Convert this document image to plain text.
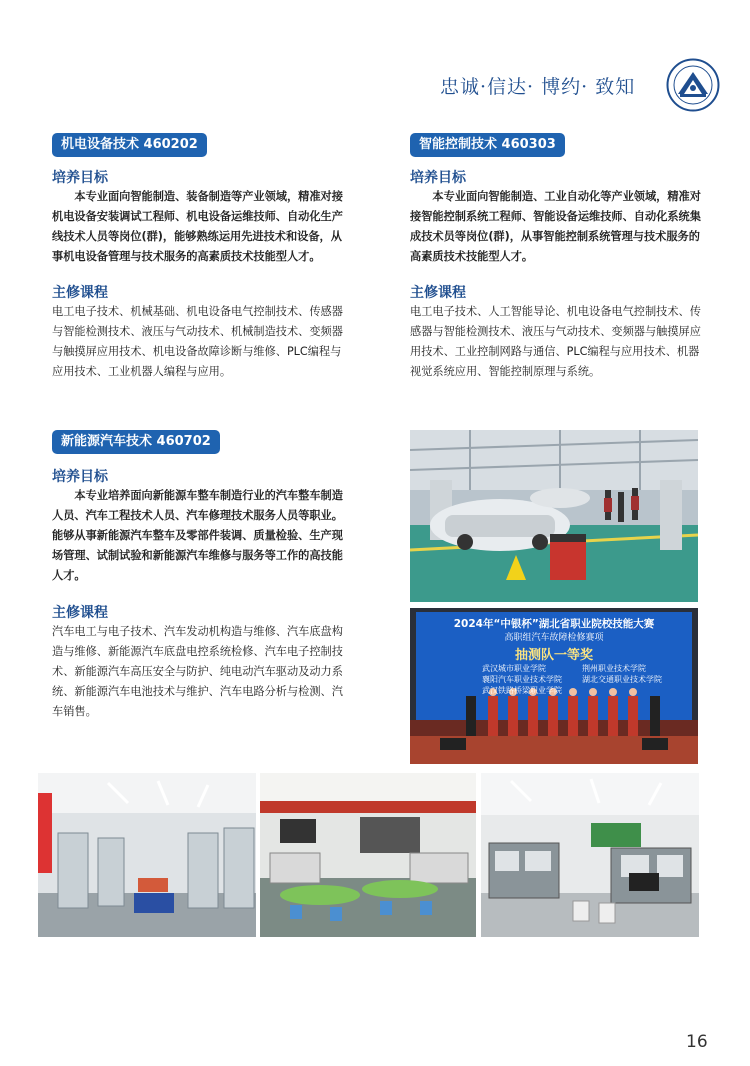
忠诚·信达· 博约· 致知
机电设备技术 460202
培养目标
本专业面向智能制造、装备制造等产业领域，精准对接机电设备安装调试工程师、机电设备运维技师、自动化生产线技术人员等岗位(群)，能够熟练运用先进技术和设备，从事机电设备管理与技术服务的高素质技术技能型人才。
主修课程
电工电子技术、机械基础、机电设备电气控制技术、传感器与智能检测技术、液压与气动技术、机械制造技术、变频器与触摸屏应用技术、机电设备故障诊断与维修、PLC编程与应用技术、工业机器人编程与应用。
智能控制技术 460303
培养目标
本专业面向智能制造、工业自动化等产业领域，精准对接智能控制系统工程师、智能设备运维技师、自动化系统集成技术员等岗位(群)，从事智能控制系统管理与技术服务的高素质技术技能型人才。
主修课程
电工电子技术、人工智能导论、机电设备电气控制技术、传感器与智能检测技术、液压与气动技术、变频器与触摸屏应用技术、工业控制网路与通信、PLC编程与应用技术、机器视觉系统应用、智能控制原理与系统。
新能源汽车技术 460702
培养目标
本专业培养面向新能源车整车制造行业的汽车整车制造人员、汽车工程技术人员、汽车修理技术服务人员等职业。能够从事新能源汽车整车及零部件装调、质量检验、生产现场管理、试制试验和新能源汽车维修与服务等工作的高技能人才。
主修课程
汽车电工与电子技术、汽车发动机构造与维修、汽车底盘构造与维修、新能源汽车底盘电控系统检修、汽车电子控制技术、新能源汽车高压安全与防护、纯电动汽车驱动及动力系统、新能源汽车电池技术与维护、汽车电路分析与检测、汽车销售。
2024年“中银杯”湖北省职业院校技能大赛
高职组汽车故障检修赛项
抽测队一等奖
武汉城市职业学院	荆州职业技术学院
襄阳汽车职业技术学院	湖北交通职业技术学院
武汉铁路桥梁职业学院
16
